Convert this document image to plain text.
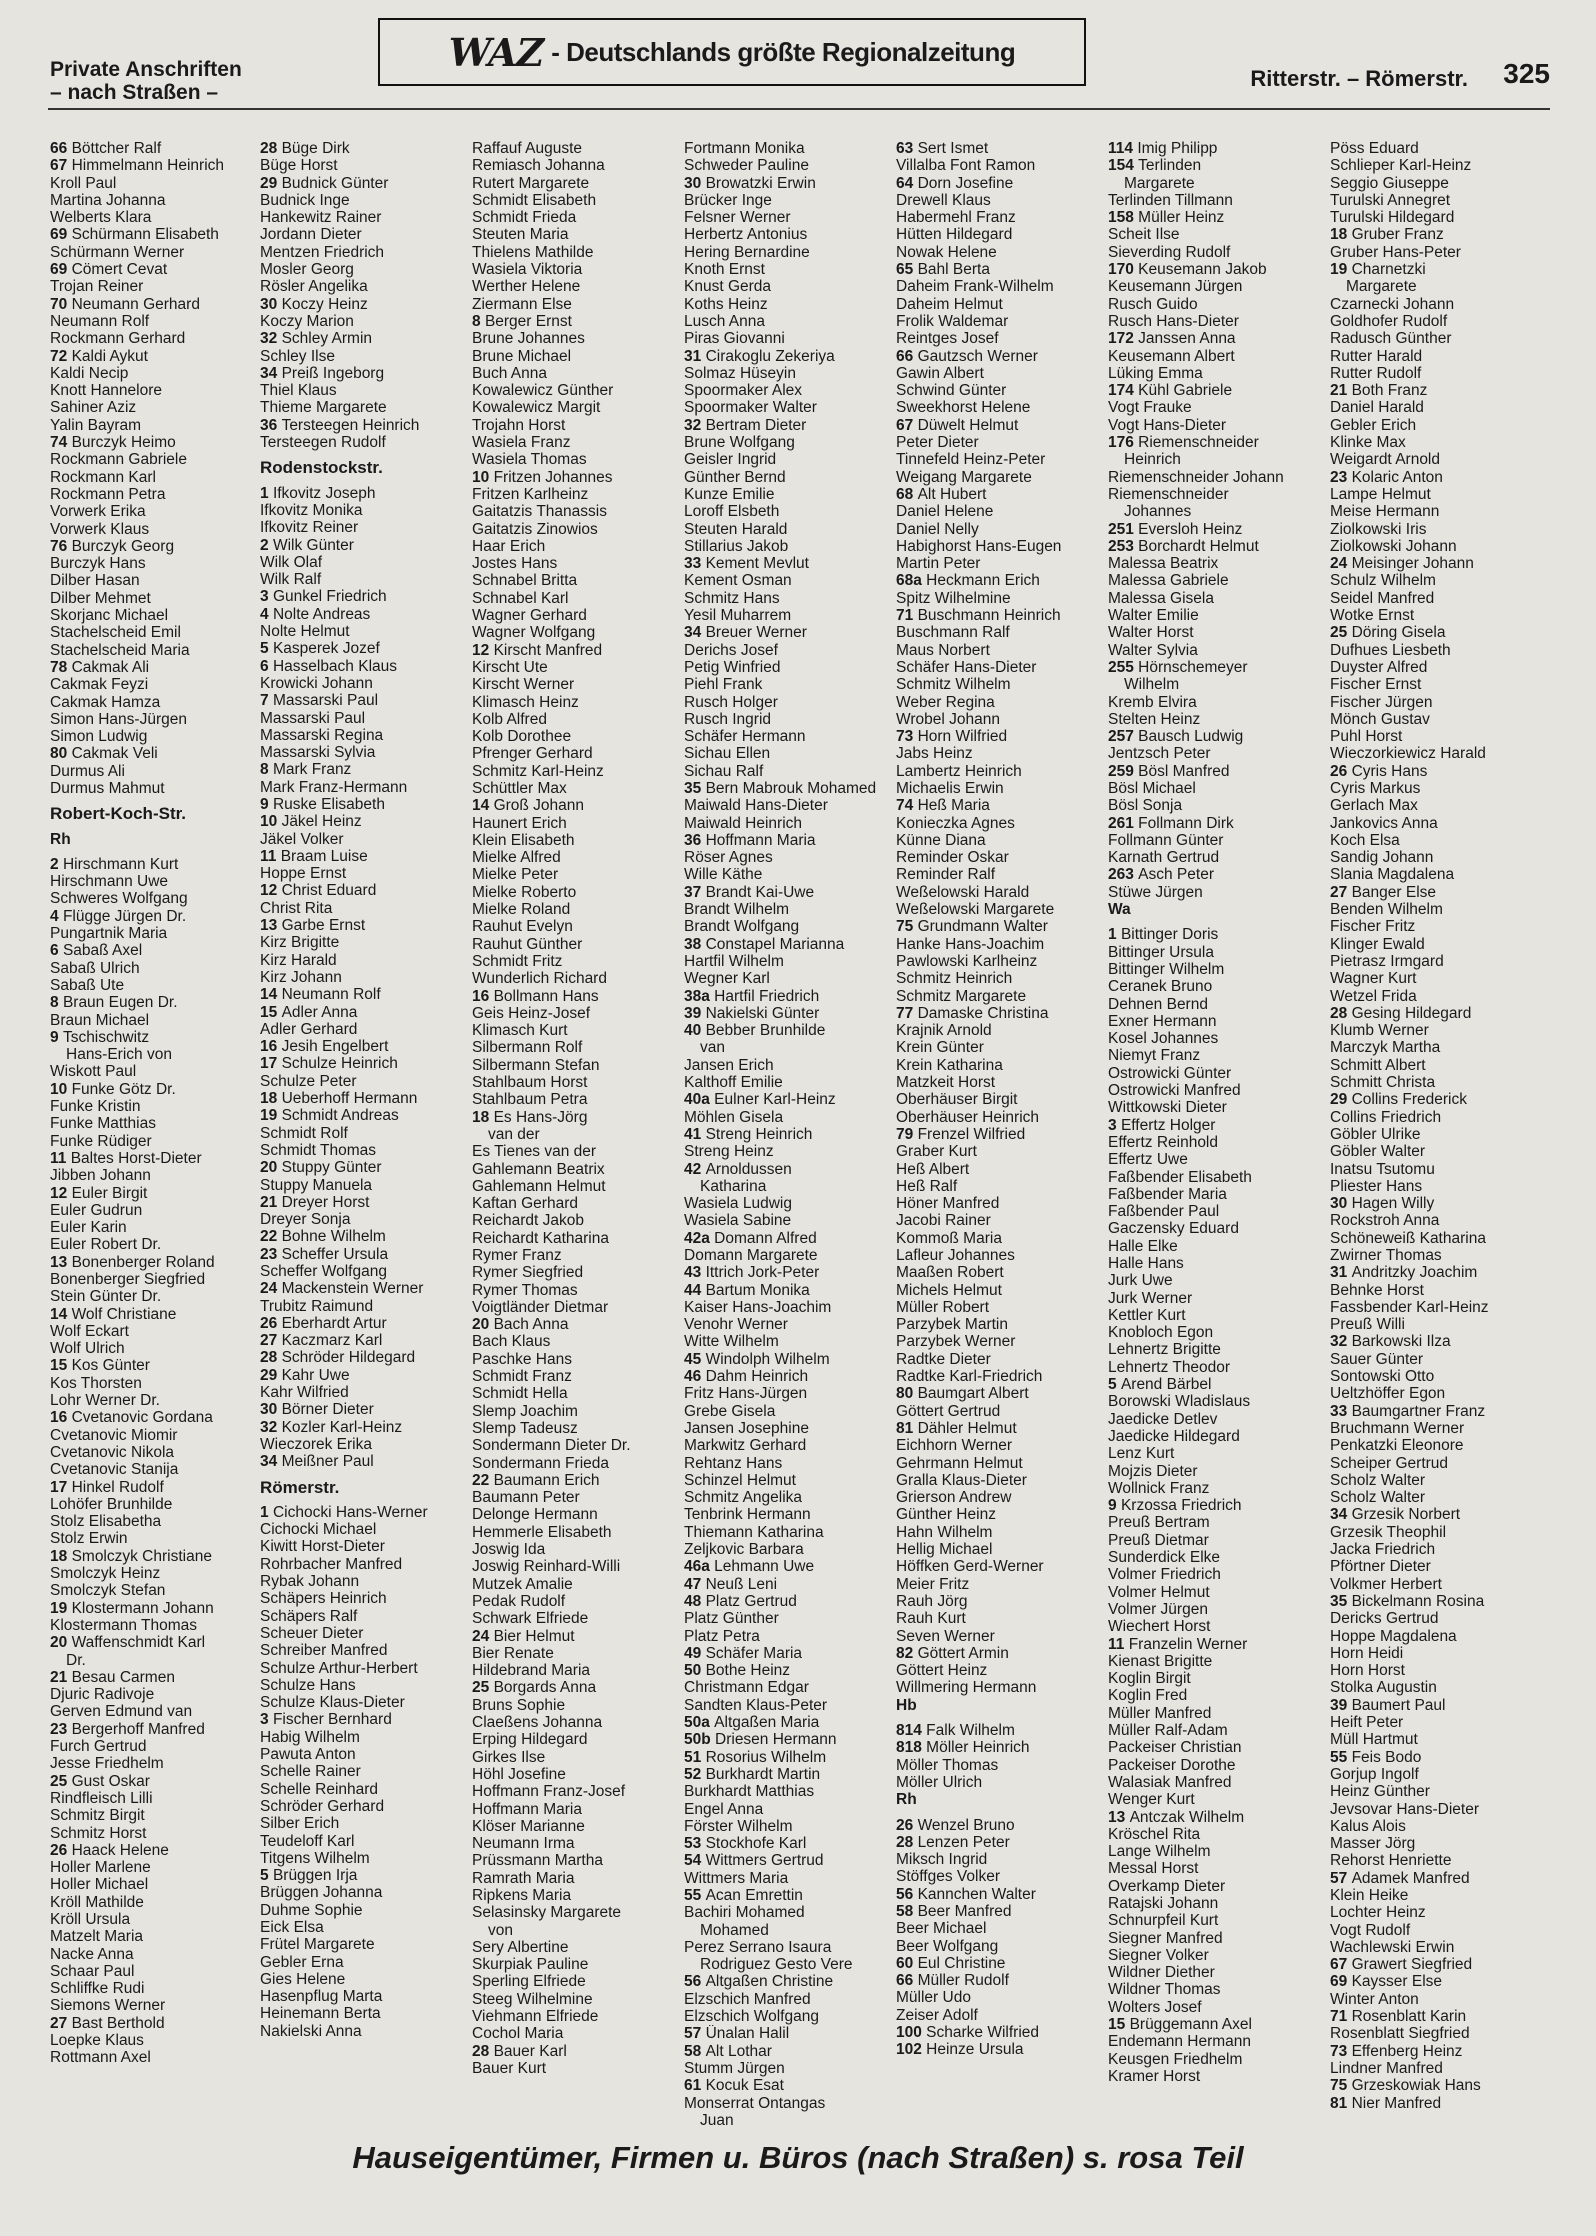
Private Anschriften
– nach Straßen –
WAZ - Deutschlands größte Regionalzeitung
Ritterstr. – Römerstr. 325
66 Böttcher Ralf
67 Himmelmann Heinrich
Kroll Paul
Martina Johanna
Welberts Klara
69 Schürmann Elisabeth
Schürmann Werner
69 Cömert Cevat
Trojan Reiner
70 Neumann Gerhard
Neumann Rolf
Rockmann Gerhard
72 Kaldi Aykut
Kaldi Necip
Knott Hannelore
Sahiner Aziz
Yalin Bayram
74 Burczyk Heimo
Rockmann Gabriele
Rockmann Karl
Rockmann Petra
Vorwerk Erika
Vorwerk Klaus
76 Burczyk Georg
Burczyk Hans
Dilber Hasan
Dilber Mehmet
Skorjanc Michael
Stachelscheid Emil
Stachelscheid Maria
78 Cakmak Ali
Cakmak Feyzi
Cakmak Hamza
Simon Hans-Jürgen
Simon Ludwig
80 Cakmak Veli
Durmus Ali
Durmus Mahmut
Robert-Koch-Str.
Rh
2 Hirschmann Kurt
Hirschmann Uwe
Schweres Wolfgang
4 Flügge Jürgen Dr.
Pungartnik Maria
6 Sabaß Axel
Sabaß Ulrich
Sabaß Ute
8 Braun Eugen Dr.
Braun Michael
9 Tschischwitz
Hans-Erich von
Wiskott Paul
10 Funke Götz Dr.
Funke Kristin
Funke Matthias
Funke Rüdiger
11 Baltes Horst-Dieter
Jibben Johann
12 Euler Birgit
Euler Gudrun
Euler Karin
Euler Robert Dr.
13 Bonenberger Roland
Bonenberger Siegfried
Stein Günter Dr.
14 Wolf Christiane
Wolf Eckart
Wolf Ulrich
15 Kos Günter
Kos Thorsten
Lohr Werner Dr.
16 Cvetanovic Gordana
Cvetanovic Miomir
Cvetanovic Nikola
Cvetanovic Stanija
17 Hinkel Rudolf
Lohöfer Brunhilde
Stolz Elisabetha
Stolz Erwin
18 Smolczyk Christiane
Smolczyk Heinz
Smolczyk Stefan
19 Klostermann Johann
Klostermann Thomas
20 Waffenschmidt Karl
Dr.
21 Besau Carmen
Djuric Radivoje
Gerven Edmund van
23 Bergerhoff Manfred
Furch Gertrud
Jesse Friedhelm
25 Gust Oskar
Rindfleisch Lilli
Schmitz Birgit
Schmitz Horst
26 Haack Helene
Holler Marlene
Holler Michael
Kröll Mathilde
Kröll Ursula
Matzelt Maria
Nacke Anna
Schaar Paul
Schliffke Rudi
Siemons Werner
27 Bast Berthold
Loepke Klaus
Rottmann Axel
28 Büge Dirk
Büge Horst
29 Budnick Günter
Budnick Inge
Hankewitz Rainer
Jordann Dieter
Mentzen Friedrich
Mosler Georg
Rösler Angelika
30 Koczy Heinz
Koczy Marion
32 Schley Armin
Schley Ilse
34 Preiß Ingeborg
Thiel Klaus
Thieme Margarete
36 Tersteegen Heinrich
Tersteegen Rudolf
Rodenstockstr.
1 Ifkovitz Joseph
Ifkovitz Monika
Ifkovitz Reiner
2 Wilk Günter
Wilk Olaf
Wilk Ralf
3 Gunkel Friedrich
4 Nolte Andreas
Nolte Helmut
5 Kasperek Jozef
6 Hasselbach Klaus
Krowicki Johann
7 Massarski Paul
Massarski Paul
Massarski Regina
Massarski Sylvia
8 Mark Franz
Mark Franz-Hermann
9 Ruske Elisabeth
10 Jäkel Heinz
Jäkel Volker
11 Braam Luise
Hoppe Ernst
12 Christ Eduard
Christ Rita
13 Garbe Ernst
Kirz Brigitte
Kirz Harald
Kirz Johann
14 Neumann Rolf
15 Adler Anna
Adler Gerhard
16 Jesih Engelbert
17 Schulze Heinrich
Schulze Peter
18 Ueberhoff Hermann
19 Schmidt Andreas
Schmidt Rolf
Schmidt Thomas
20 Stuppy Günter
Stuppy Manuela
21 Dreyer Horst
Dreyer Sonja
22 Bohne Wilhelm
23 Scheffer Ursula
Scheffer Wolfgang
24 Mackenstein Werner
Trubitz Raimund
26 Eberhardt Artur
27 Kaczmarz Karl
28 Schröder Hildegard
29 Kahr Uwe
Kahr Wilfried
30 Börner Dieter
32 Kozler Karl-Heinz
Wieczorek Erika
34 Meißner Paul
Römerstr.
1 Cichocki Hans-Werner
Cichocki Michael
Kiwitt Horst-Dieter
Rohrbacher Manfred
Rybak Johann
Schäpers Heinrich
Schäpers Ralf
Scheuer Dieter
Schreiber Manfred
Schulze Arthur-Herbert
Schulze Hans
Schulze Klaus-Dieter
3 Fischer Bernhard
Habig Wilhelm
Pawuta Anton
Schelle Rainer
Schelle Reinhard
Schröder Gerhard
Silber Erich
Teudeloff Karl
Titgens Wilhelm
5 Brüggen Irja
Brüggen Johanna
Duhme Sophie
Eick Elsa
Frütel Margarete
Gebler Erna
Gies Helene
Hasenpflug Marta
Heinemann Berta
Nakielski Anna
Raffauf Auguste
Remiasch Johanna
Rutert Margarete
Schmidt Elisabeth
Schmidt Frieda
Steuten Maria
Thielens Mathilde
Wasiela Viktoria
Werther Helene
Ziermann Else
8 Berger Ernst
Brune Johannes
Brune Michael
Buch Anna
Kowalewicz Günther
Kowalewicz Margit
Trojahn Horst
Wasiela Franz
Wasiela Thomas
10 Fritzen Johannes
Fritzen Karlheinz
Gaitatzis Thanassis
Gaitatzis Zinowios
Haar Erich
Jostes Hans
Schnabel Britta
Schnabel Karl
Wagner Gerhard
Wagner Wolfgang
12 Kirscht Manfred
Kirscht Ute
Kirscht Werner
Klimasch Heinz
Kolb Alfred
Kolb Dorothee
Pfrenger Gerhard
Schmitz Karl-Heinz
Schüttler Max
14 Groß Johann
Haunert Erich
Klein Elisabeth
Mielke Alfred
Mielke Peter
Mielke Roberto
Mielke Roland
Rauhut Evelyn
Rauhut Günther
Schmidt Fritz
Wunderlich Richard
16 Bollmann Hans
Geis Heinz-Josef
Klimasch Kurt
Silbermann Rolf
Silbermann Stefan
Stahlbaum Horst
Stahlbaum Petra
18 Es Hans-Jörg
van der
Es Tienes van der
Gahlemann Beatrix
Gahlemann Helmut
Kaftan Gerhard
Reichardt Jakob
Reichardt Katharina
Rymer Franz
Rymer Siegfried
Rymer Thomas
Voigtländer Dietmar
20 Bach Anna
Bach Klaus
Paschke Hans
Schmidt Franz
Schmidt Hella
Slemp Joachim
Slemp Tadeusz
Sondermann Dieter Dr.
Sondermann Frieda
22 Baumann Erich
Baumann Peter
Delonge Hermann
Hemmerle Elisabeth
Joswig Ida
Joswig Reinhard-Willi
Mutzek Amalie
Pedak Rudolf
Schwark Elfriede
24 Bier Helmut
Bier Renate
Hildebrand Maria
25 Borgards Anna
Bruns Sophie
Claeßens Johanna
Erping Hildegard
Girkes Ilse
Höhl Josefine
Hoffmann Franz-Josef
Hoffmann Maria
Klöser Marianne
Neumann Irma
Prüssmann Martha
Ramrath Maria
Ripkens Maria
Selasinsky Margarete
von
Sery Albertine
Skurpiak Pauline
Sperling Elfriede
Steeg Wilhelmine
Viehmann Elfriede
Cochol Maria
28 Bauer Karl
Bauer Kurt
Fortmann Monika
Schweder Pauline
30 Browatzki Erwin
Brücker Inge
Felsner Werner
Herbertz Antonius
Hering Bernardine
Knoth Ernst
Knust Gerda
Koths Heinz
Lusch Anna
Piras Giovanni
31 Cirakoglu Zekeriya
Solmaz Hüseyin
Spoormaker Alex
Spoormaker Walter
32 Bertram Dieter
Brune Wolfgang
Geisler Ingrid
Günther Bernd
Kunze Emilie
Loroff Elsbeth
Steuten Harald
Stillarius Jakob
33 Kement Mevlut
Kement Osman
Schmitz Hans
Yesil Muharrem
34 Breuer Werner
Derichs Josef
Petig Winfried
Piehl Frank
Rusch Holger
Rusch Ingrid
Schäfer Hermann
Sichau Ellen
Sichau Ralf
35 Bern Mabrouk Mohamed
Maiwald Hans-Dieter
Maiwald Heinrich
36 Hoffmann Maria
Röser Agnes
Wille Käthe
37 Brandt Kai-Uwe
Brandt Wilhelm
Brandt Wolfgang
38 Constapel Marianna
Hartfil Wilhelm
Wegner Karl
38a Hartfil Friedrich
39 Nakielski Günter
40 Bebber Brunhilde
van
Jansen Erich
Kalthoff Emilie
40a Eulner Karl-Heinz
Möhlen Gisela
41 Streng Heinrich
Streng Heinz
42 Arnoldussen
Katharina
Wasiela Ludwig
Wasiela Sabine
42a Domann Alfred
Domann Margarete
43 Ittrich Jork-Peter
44 Bartum Monika
Kaiser Hans-Joachim
Venohr Werner
Witte Wilhelm
45 Windolph Wilhelm
46 Dahm Heinrich
Fritz Hans-Jürgen
Grebe Gisela
Jansen Josephine
Markwitz Gerhard
Rehtanz Hans
Schinzel Helmut
Schmitz Angelika
Tenbrink Hermann
Thiemann Katharina
Zeljkovic Barbara
46a Lehmann Uwe
47 Neuß Leni
48 Platz Gertrud
Platz Günther
Platz Petra
49 Schäfer Maria
50 Bothe Heinz
Christmann Edgar
Sandten Klaus-Peter
50a Altgaßen Maria
50b Driesen Hermann
51 Rosorius Wilhelm
52 Burkhardt Martin
Burkhardt Matthias
Engel Anna
Förster Wilhelm
53 Stockhofe Karl
54 Wittmers Gertrud
Wittmers Maria
55 Acan Emrettin
Bachiri Mohamed
Mohamed
Perez Serrano Isaura
Rodriguez Gesto Vere
56 Altgaßen Christine
Elzschich Manfred
Elzschich Wolfgang
57 Ünalan Halil
58 Alt Lothar
Stumm Jürgen
61 Kocuk Esat
Monserrat Ontangas
Juan
63 Sert Ismet
Villalba Font Ramon
64 Dorn Josefine
Drewell Klaus
Habermehl Franz
Hütten Hildegard
Nowak Helene
65 Bahl Berta
Daheim Frank-Wilhelm
Daheim Helmut
Frolik Waldemar
Reintges Josef
66 Gautzsch Werner
Gawin Albert
Schwind Günter
Sweekhorst Helene
67 Düwelt Helmut
Peter Dieter
Tinnefeld Heinz-Peter
Weigang Margarete
68 Alt Hubert
Daniel Helene
Daniel Nelly
Habighorst Hans-Eugen
Martin Peter
68a Heckmann Erich
Spitz Wilhelmine
71 Buschmann Heinrich
Buschmann Ralf
Maus Norbert
Schäfer Hans-Dieter
Schmitz Wilhelm
Weber Regina
Wrobel Johann
73 Horn Wilfried
Jabs Heinz
Lambertz Heinrich
Michaelis Erwin
74 Heß Maria
Konieczka Agnes
Künne Diana
Reminder Oskar
Reminder Ralf
Weßelowski Harald
Weßelowski Margarete
75 Grundmann Walter
Hanke Hans-Joachim
Pawlowski Karlheinz
Schmitz Heinrich
Schmitz Margarete
77 Damaske Christina
Krajnik Arnold
Krein Günter
Krein Katharina
Matzkeit Horst
Oberhäuser Birgit
Oberhäuser Heinrich
79 Frenzel Wilfried
Graber Kurt
Heß Albert
Heß Ralf
Höner Manfred
Jacobi Rainer
Kommoß Maria
Lafleur Johannes
Maaßen Robert
Michels Helmut
Müller Robert
Parzybek Martin
Parzybek Werner
Radtke Dieter
Radtke Karl-Friedrich
80 Baumgart Albert
Göttert Gertrud
81 Dähler Helmut
Eichhorn Werner
Gehrmann Helmut
Gralla Klaus-Dieter
Grierson Andrew
Günther Heinz
Hahn Wilhelm
Hellig Michael
Höffken Gerd-Werner
Meier Fritz
Rauh Jörg
Rauh Kurt
Seven Werner
82 Göttert Armin
Göttert Heinz
Willmering Hermann
Hb
814 Falk Wilhelm
818 Möller Heinrich
Möller Thomas
Möller Ulrich
Rh
26 Wenzel Bruno
28 Lenzen Peter
Miksch Ingrid
Stöffges Volker
56 Kannchen Walter
58 Beer Manfred
Beer Michael
Beer Wolfgang
60 Eul Christine
66 Müller Rudolf
Müller Udo
Zeiser Adolf
100 Scharke Wilfried
102 Heinze Ursula
114 Imig Philipp
154 Terlinden
Margarete
Terlinden Tillmann
158 Müller Heinz
Scheit Ilse
Sieverding Rudolf
170 Keusemann Jakob
Keusemann Jürgen
Rusch Guido
Rusch Hans-Dieter
172 Janssen Anna
Keusemann Albert
Lüking Emma
174 Kühl Gabriele
Vogt Frauke
Vogt Hans-Dieter
176 Riemenschneider
Heinrich
Riemenschneider Johann
Riemenschneider
Johannes
251 Eversloh Heinz
253 Borchardt Helmut
Malessa Beatrix
Malessa Gabriele
Malessa Gisela
Walter Emilie
Walter Horst
Walter Sylvia
255 Hörnschemeyer
Wilhelm
Kremb Elvira
Stelten Heinz
257 Bausch Ludwig
Jentzsch Peter
259 Bösl Manfred
Bösl Michael
Bösl Sonja
261 Follmann Dirk
Follmann Günter
Karnath Gertrud
263 Asch Peter
Stüwe Jürgen
Wa
1 Bittinger Doris
Bittinger Ursula
Bittinger Wilhelm
Ceranek Bruno
Dehnen Bernd
Exner Hermann
Kosel Johannes
Niemyt Franz
Ostrowicki Günter
Ostrowicki Manfred
Wittkowski Dieter
3 Effertz Holger
Effertz Reinhold
Effertz Uwe
Faßbender Elisabeth
Faßbender Maria
Faßbender Paul
Gaczensky Eduard
Halle Elke
Halle Hans
Jurk Uwe
Jurk Werner
Kettler Kurt
Knobloch Egon
Lehnertz Brigitte
Lehnertz Theodor
5 Arend Bärbel
Borowski Wladislaus
Jaedicke Detlev
Jaedicke Hildegard
Lenz Kurt
Mojzis Dieter
Wollnick Franz
9 Krzossa Friedrich
Preuß Bertram
Preuß Dietmar
Sunderdick Elke
Volmer Friedrich
Volmer Helmut
Volmer Jürgen
Wiechert Horst
11 Franzelin Werner
Kienast Brigitte
Koglin Birgit
Koglin Fred
Müller Manfred
Müller Ralf-Adam
Packeiser Christian
Packeiser Dorothe
Walasiak Manfred
Wenger Kurt
13 Antczak Wilhelm
Kröschel Rita
Lange Wilhelm
Messal Horst
Overkamp Dieter
Ratajski Johann
Schnurpfeil Kurt
Siegner Manfred
Siegner Volker
Wildner Diether
Wildner Thomas
Wolters Josef
15 Brüggemann Axel
Endemann Hermann
Keusgen Friedhelm
Kramer Horst
Pöss Eduard
Schlieper Karl-Heinz
Seggio Giuseppe
Turulski Annegret
Turulski Hildegard
18 Gruber Franz
Gruber Hans-Peter
19 Charnetzki
Margarete
Czarnecki Johann
Goldhofer Rudolf
Radusch Günther
Rutter Harald
Rutter Rudolf
21 Both Franz
Daniel Harald
Gebler Erich
Klinke Max
Weigardt Arnold
23 Kolaric Anton
Lampe Helmut
Meise Hermann
Ziolkowski Iris
Ziolkowski Johann
24 Meisinger Johann
Schulz Wilhelm
Seidel Manfred
Wotke Ernst
25 Döring Gisela
Dufhues Liesbeth
Duyster Alfred
Fischer Ernst
Fischer Jürgen
Mönch Gustav
Puhl Horst
Wieczorkiewicz Harald
26 Cyris Hans
Cyris Markus
Gerlach Max
Jankovics Anna
Koch Elsa
Sandig Johann
Slania Magdalena
27 Banger Else
Benden Wilhelm
Fischer Fritz
Klinger Ewald
Pietrasz Irmgard
Wagner Kurt
Wetzel Frida
28 Gesing Hildegard
Klumb Werner
Marczyk Martha
Schmitt Albert
Schmitt Christa
29 Collins Frederick
Collins Friedrich
Göbler Ulrike
Göbler Walter
Inatsu Tsutomu
Pliester Hans
30 Hagen Willy
Rockstroh Anna
Schöneweiß Katharina
Zwirner Thomas
31 Andritzky Joachim
Behnke Horst
Fassbender Karl-Heinz
Preuß Willi
32 Barkowski Ilza
Sauer Günter
Sontowski Otto
Ueltzhöffer Egon
33 Baumgartner Franz
Bruchmann Werner
Penkatzki Eleonore
Scheiper Gertrud
Scholz Walter
Scholz Walter
34 Grzesik Norbert
Grzesik Theophil
Jacka Friedrich
Pförtner Dieter
Volkmer Herbert
35 Bickelmann Rosina
Dericks Gertrud
Hoppe Magdalena
Horn Heidi
Horn Horst
Stolka Augustin
39 Baumert Paul
Heift Peter
Müll Hartmut
55 Feis Bodo
Gorjup Ingolf
Heinz Günther
Jevsovar Hans-Dieter
Kalus Alois
Masser Jörg
Rehorst Henriette
57 Adamek Manfred
Klein Heike
Lochter Heinz
Vogt Rudolf
Wachlewski Erwin
67 Grawert Siegfried
69 Kaysser Else
Winter Anton
71 Rosenblatt Karin
Rosenblatt Siegfried
73 Effenberg Heinz
Lindner Manfred
75 Grzeskowiak Hans
81 Nier Manfred
Hauseigentümer, Firmen u. Büros (nach Straßen) s. rosa Teil
